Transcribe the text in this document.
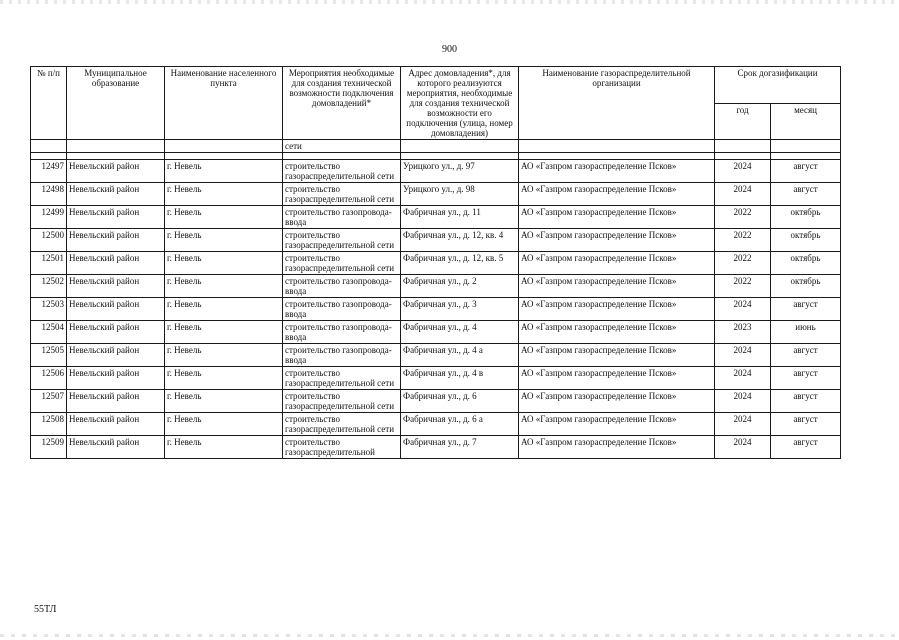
900
№ п/п	Муниципальное образование	Наименование населенного пункта	Мероприятия необходимые для создания технической возможности подключения домовладений*	Адрес домовладения*, для которого реализуются мероприятия, необходимые для создания технической возможности его подключения (улица, номер домовладения)	Наименование газораспределительной организации	Срок догазификации	
						год	месяц
			сети				

12497	Невельский район	г. Невель	строительство газораспределительной сети	Урицкого ул., д. 97	АО «Газпром газораспределение Псков»	2024	август
12498	Невельский район	г. Невель	строительство газораспределительной сети	Урицкого ул., д. 98	АО «Газпром газораспределение Псков»	2024	август
12499	Невельский район	г. Невель	строительство газопровода-ввода	Фабричная ул., д. 11	АО «Газпром газораспределение Псков»	2022	октябрь
12500	Невельский район	г. Невель	строительство газораспределительной сети	Фабричная ул., д. 12, кв. 4	АО «Газпром газораспределение Псков»	2022	октябрь
12501	Невельский район	г. Невель	строительство газораспределительной сети	Фабричная ул., д. 12, кв. 5	АО «Газпром газораспределение Псков»	2022	октябрь
12502	Невельский район	г. Невель	строительство газопровода-ввода	Фабричная ул., д. 2	АО «Газпром газораспределение Псков»	2022	октябрь
12503	Невельский район	г. Невель	строительство газопровода-ввода	Фабричная ул., д. 3	АО «Газпром газораспределение Псков»	2024	август
12504	Невельский район	г. Невель	строительство газопровода-ввода	Фабричная ул., д. 4	АО «Газпром газораспределение Псков»	2023	июнь
12505	Невельский район	г. Невель	строительство газопровода-ввода	Фабричная ул., д. 4 а	АО «Газпром газораспределение Псков»	2024	август
12506	Невельский район	г. Невель	строительство газораспределительной сети	Фабричная ул., д. 4 в	АО «Газпром газораспределение Псков»	2024	август
12507	Невельский район	г. Невель	строительство газораспределительной сети	Фабричная ул., д. 6	АО «Газпром газораспределение Псков»	2024	август
12508	Невельский район	г. Невель	строительство газораспределительной сети	Фабричная ул., д. 6 а	АО «Газпром газораспределение Псков»	2024	август
12509	Невельский район	г. Невель	строительство газораспределительной	Фабричная ул., д. 7	АО «Газпром газораспределение Псков»	2024	август
55ТЛ
